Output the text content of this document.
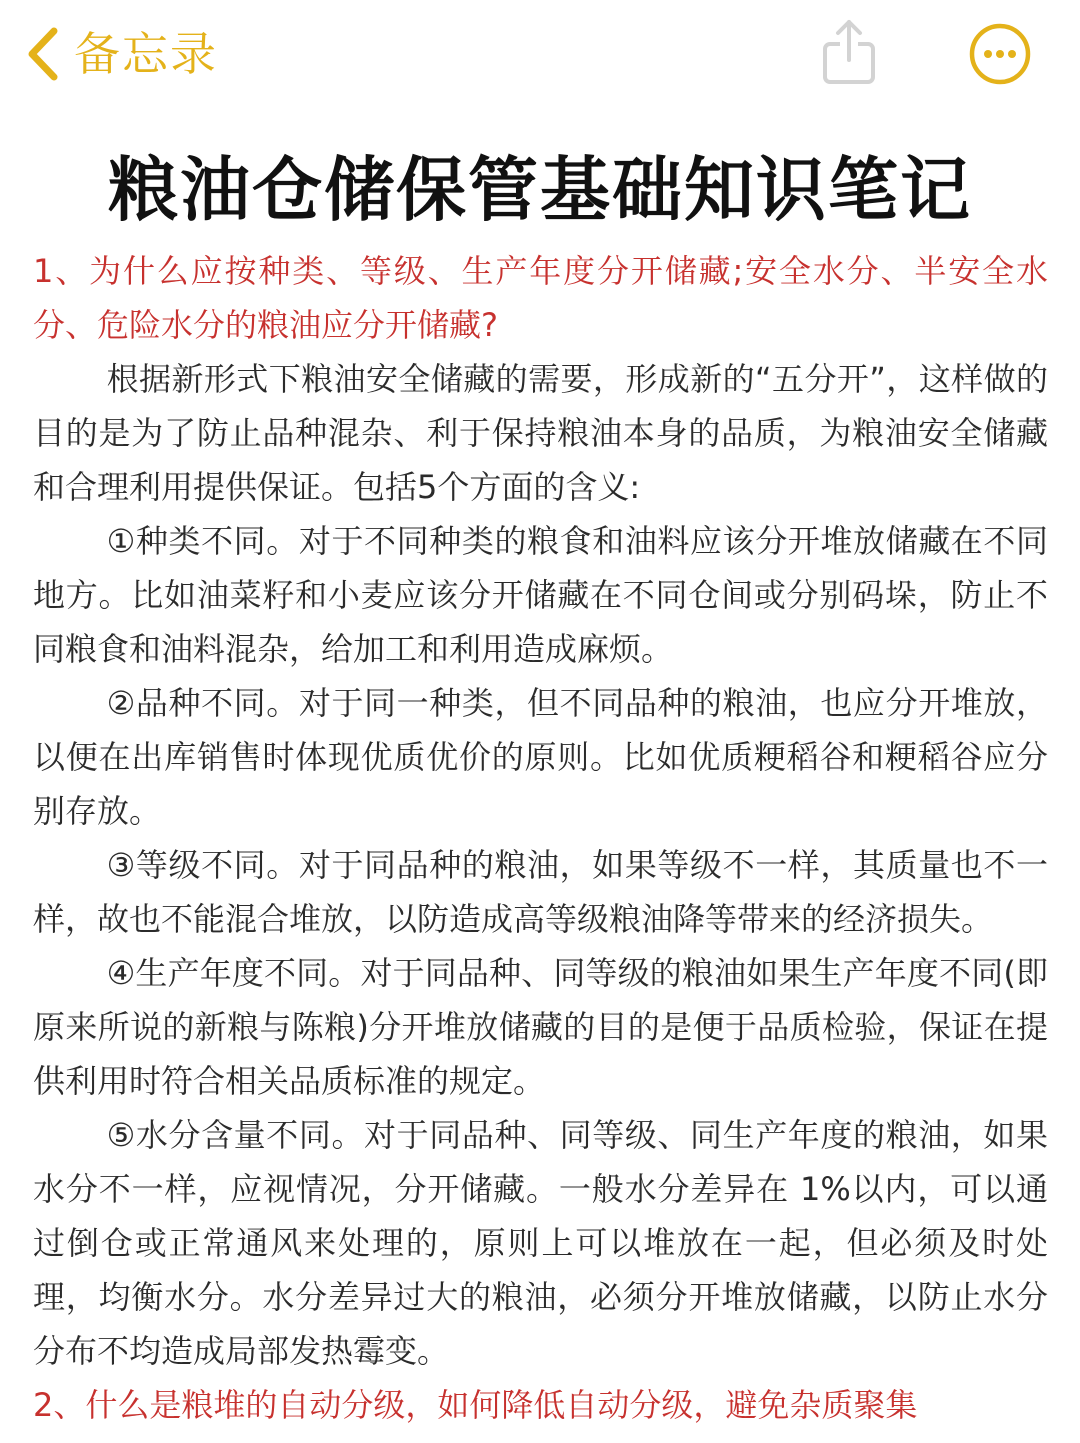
备忘录
粮油仓储保管基础知识笔记

1、为什么应按种类、等级、生产年度分开储藏;安全水分、半安全水分、危险水分的粮油应分开储藏?

根据新形式下粮油安全储藏的需要，形成新的“五分开”，这样做的目的是为了防止品种混杂、利于保持粮油本身的品质，为粮油安全储藏和合理利用提供保证。包括5个方面的含义:

①种类不同。对于不同种类的粮食和油料应该分开堆放储藏在不同地方。比如油菜籽和小麦应该分开储藏在不同仓间或分别码垛，防止不同粮食和油料混杂，给加工和利用造成麻烦。

②品种不同。对于同一种类，但不同品种的粮油，也应分开堆放，以便在出库销售时体现优质优价的原则。比如优质粳稻谷和粳稻谷应分别存放。

③等级不同。对于同品种的粮油，如果等级不一样，其质量也不一样，故也不能混合堆放，以防造成高等级粮油降等带来的经济损失。

④生产年度不同。对于同品种、同等级的粮油如果生产年度不同(即原来所说的新粮与陈粮)分开堆放储藏的目的是便于品质检验，保证在提供利用时符合相关品质标准的规定。

⑤水分含量不同。对于同品种、同等级、同生产年度的粮油，如果水分不一样，应视情况，分开储藏。一般水分差异在 1%以内，可以通过倒仓或正常通风来处理的，原则上可以堆放在一起，但必须及时处理，均衡水分。水分差异过大的粮油，必须分开堆放储藏，以防止水分分布不均造成局部发热霉变。

2、什么是粮堆的自动分级，如何降低自动分级，避免杂质聚集
